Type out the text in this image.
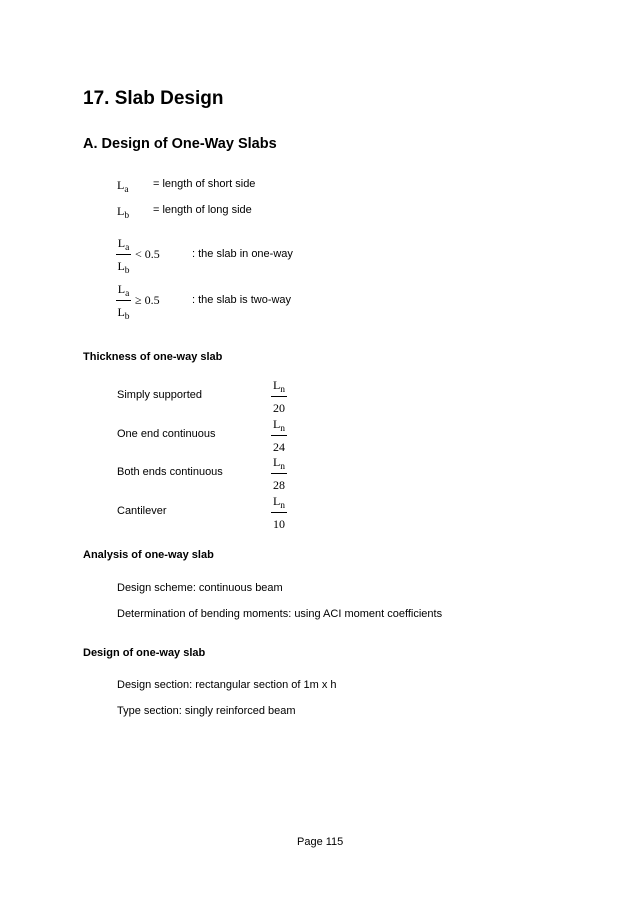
17. Slab Design
A. Design of One-Way Slabs
$L_a$ = length of short side
$L_b$ = length of long side
$L_a$
$L_b$
< 0.5	: the slab in one-way
$L_a$
$L_b$
≥ 0.5	: the slab is two-way
Thickness of one-way slab
Simply supported
$L_n$
20
One end continuous
$L_n$
24
Both ends continuous
$L_n$
28
Cantilever
$L_n$
10
Analysis of one-way slab
Design scheme: continuous beam
Determination of bending moments: using ACI moment coefficients
Design of one-way slab
Design section: rectangular section of 1m x h
Type section: singly reinforced beam
Page 115
